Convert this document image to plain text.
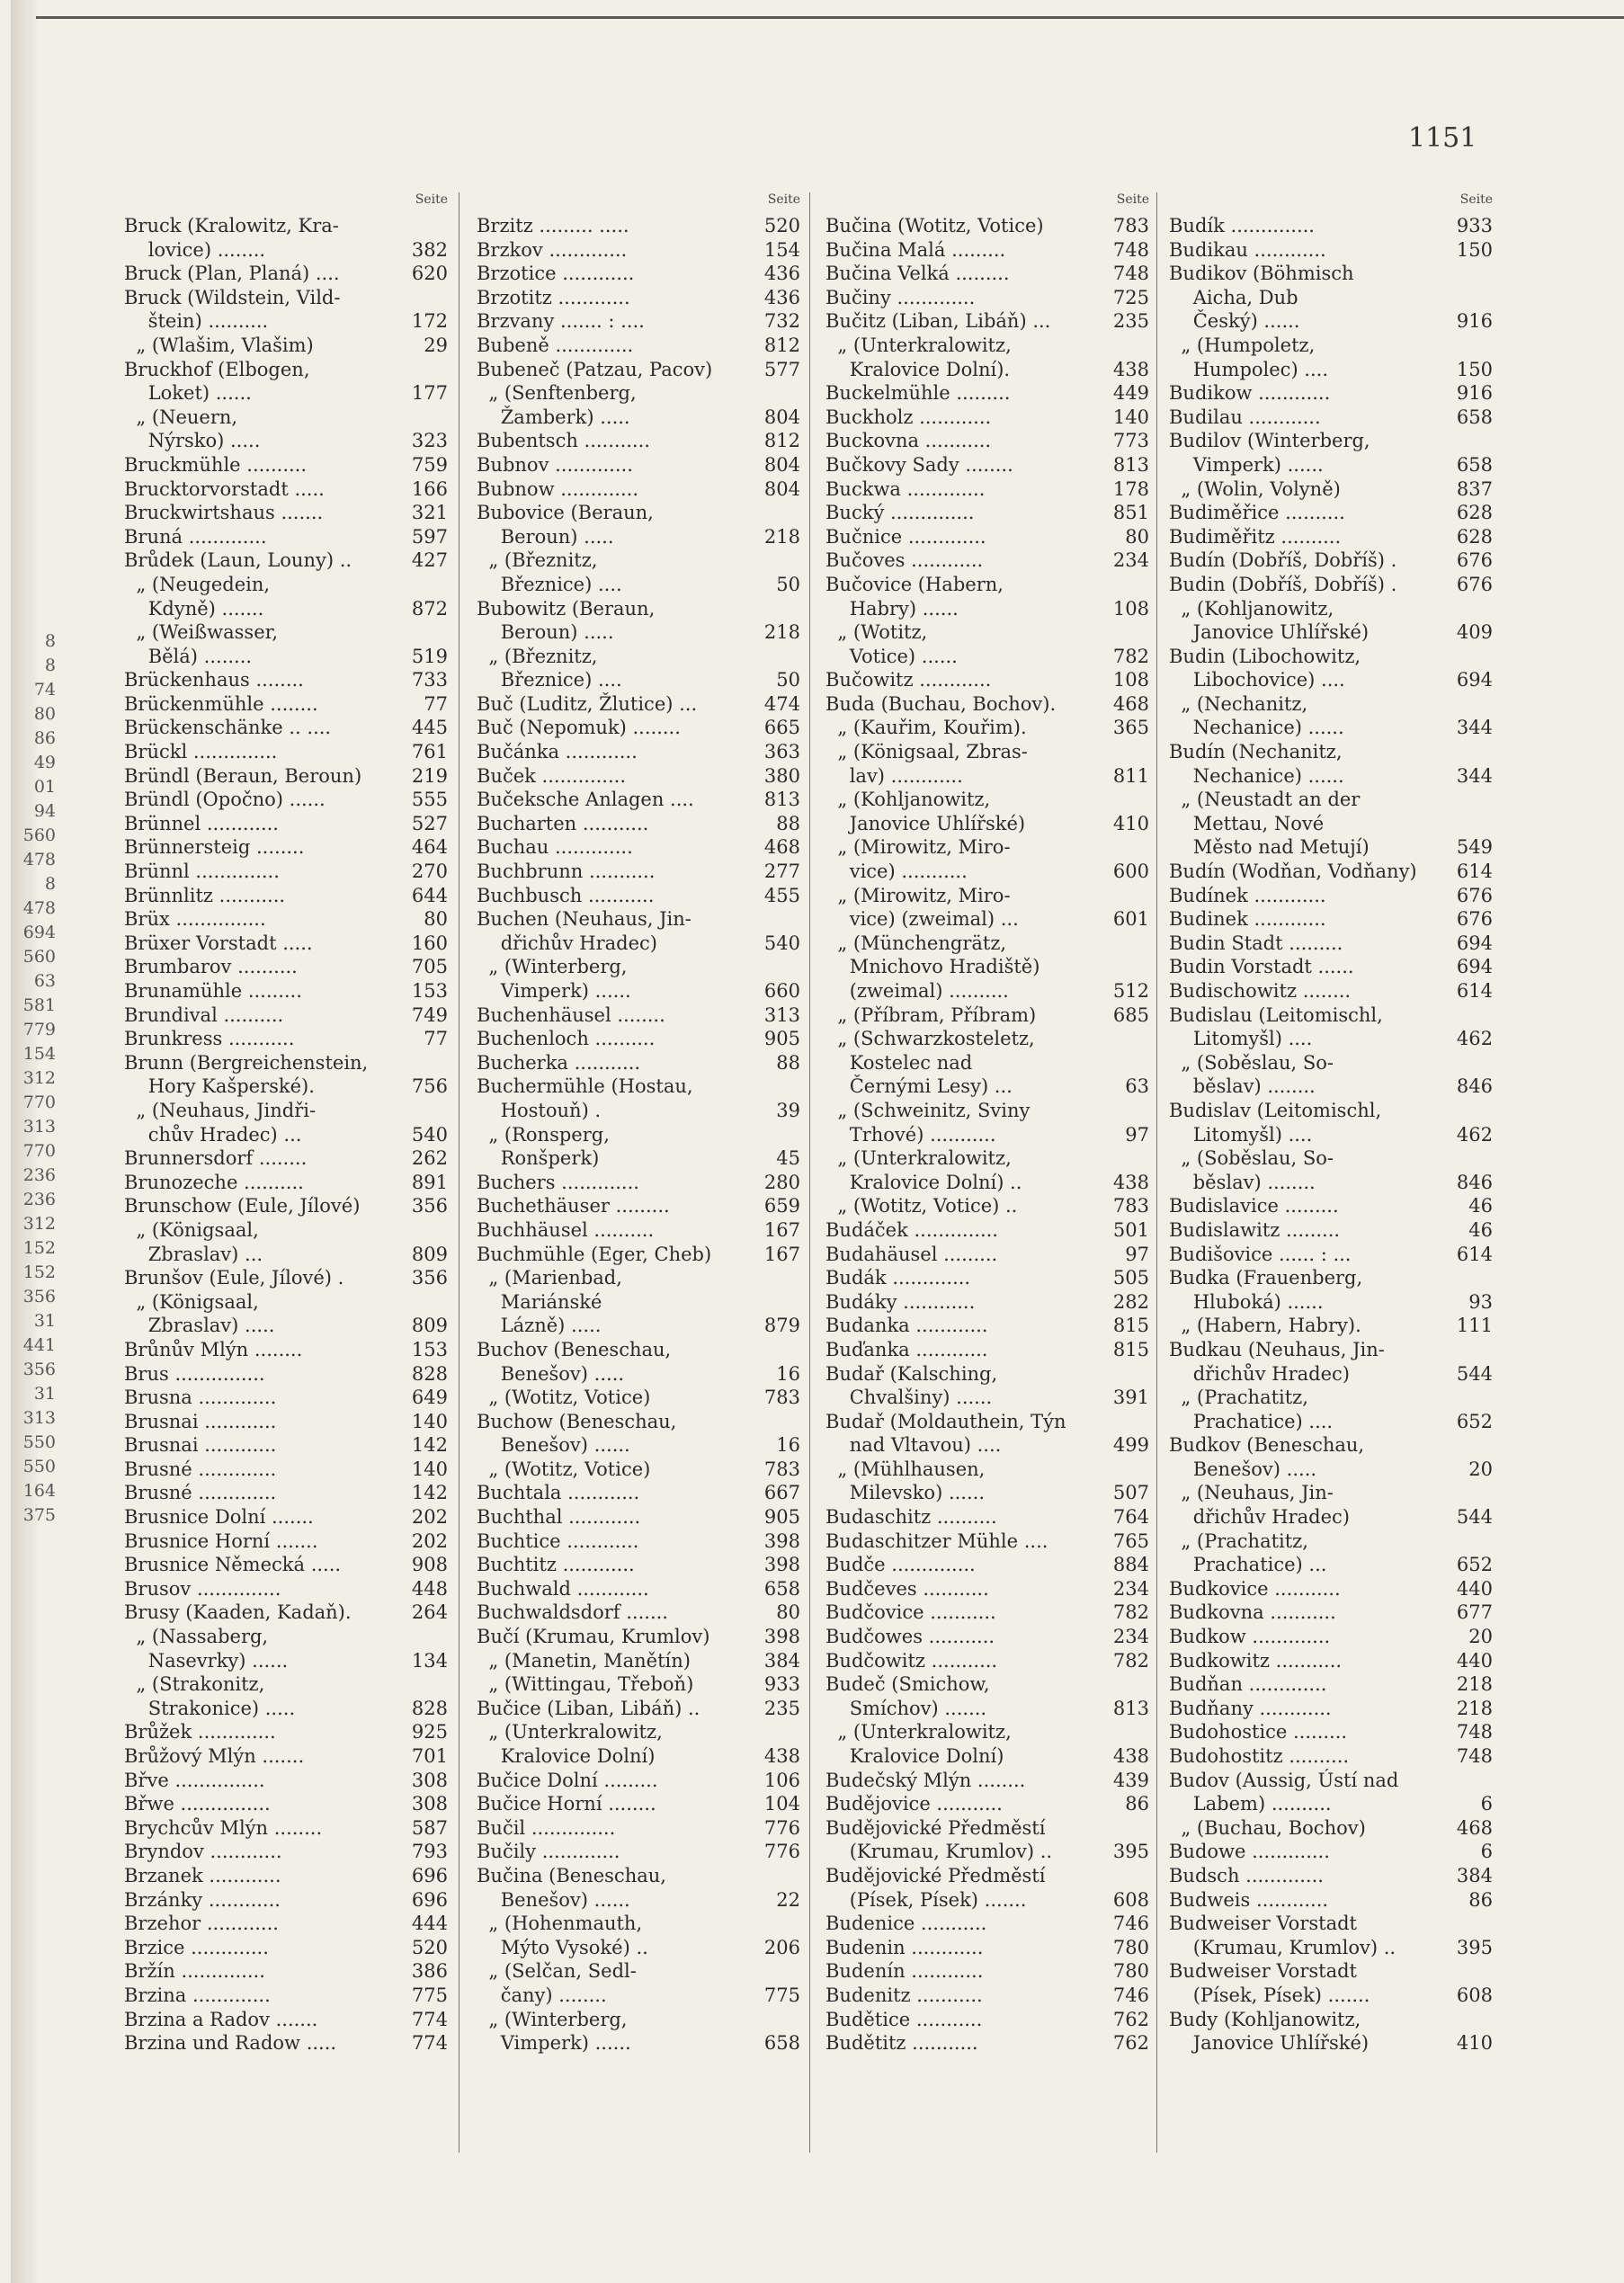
1151
8
8
74
80
86
49
01
94
560
478
8
478
694
560
63
581
779
154
312
770
313
770
236
236
312
152
152
356
31
441
356
31
313
550
550
164
375
Seite
Bruck (Kralowitz, Kra-
lovice) ........	382
Bruck (Plan, Planá) ....	620
Bruck (Wildstein, Vild-
štein) ..........	172
„ (Wlašim, Vlašim)	29
Bruckhof (Elbogen,
Loket) ......	177
„ (Neuern,
Nýrsko) .....	323
Bruckmühle ..........	759
Brucktorvorstadt .....	166
Bruckwirtshaus .......	321
Bruná .............	597
Brůdek (Laun, Louny) ..	427
„ (Neugedein,
Kdyně) .......	872
„ (Weißwasser,
Bělá) ........	519
Brückenhaus ........	733
Brückenmühle ........	77
Brückenschänke .. ....	445
Brückl ..............	761
Bründl (Beraun, Beroun)	219
Bründl (Opočno) ......	555
Brünnel ............	527
Brünnersteig ........	464
Brünnl ..............	270
Brünnlitz ...........	644
Brüx ...............	80
Brüxer Vorstadt .....	160
Brumbarov ..........	705
Brunamühle .........	153
Brundival ..........	749
Brunkress ...........	77
Brunn (Bergreichenstein,
Hory Kašperské).	756
„ (Neuhaus, Jindři-
chův Hradec) ...	540
Brunnersdorf ........	262
Brunozeche ..........	891
Brunschow (Eule, Jílové)	356
„ (Königsaal,
Zbraslav) ...	809
Brunšov (Eule, Jílové) .	356
„ (Königsaal,
Zbraslav) .....	809
Brůnův Mlýn ........	153
Brus ...............	828
Brusna .............	649
Brusnai ............	140
Brusnai ............	142
Brusné .............	140
Brusné .............	142
Brusnice Dolní .......	202
Brusnice Horní .......	202
Brusnice Německá .....	908
Brusov ..............	448
Brusy (Kaaden, Kadaň).	264
„ (Nassaberg,
Nasevrky) ......	134
„ (Strakonitz,
Strakonice) .....	828
Brůžek .............	925
Brůžový Mlýn .......	701
Břve ...............	308
Břwe ...............	308
Brychcův Mlýn ........	587
Bryndov ............	793
Brzanek ............	696
Brzánky ............	696
Brzehor ............	444
Brzice .............	520
Bržín ..............	386
Brzina .............	775
Brzina a Radov .......	774
Brzina und Radow .....	774
Seite
Brzitz ......... .....	520
Brzkov .............	154
Brzotice ............	436
Brzotitz ............	436
Brzvany ....... : ....	732
Bubeně .............	812
Bubeneč (Patzau, Pacov)	577
„ (Senftenberg,
Žamberk) .....	804
Bubentsch ...........	812
Bubnov .............	804
Bubnow .............	804
Bubovice (Beraun,
Beroun) .....	218
„ (Březnitz,
Březnice) ....	50
Bubowitz (Beraun,
Beroun) .....	218
„ (Březnitz,
Březnice) ....	50
Buč (Luditz, Žlutice) ...	474
Buč (Nepomuk) ........	665
Bučánka ............	363
Buček ..............	380
Bučeksche Anlagen ....	813
Bucharten ...........	88
Buchau .............	468
Buchbrunn ...........	277
Buchbusch ...........	455
Buchen (Neuhaus, Jin-
dřichův Hradec)	540
„ (Winterberg,
Vimperk) ......	660
Buchenhäusel ........	313
Buchenloch ..........	905
Bucherka ...........	88
Buchermühle (Hostau,
Hostouň) .	39
„ (Ronsperg,
Ronšperk)	45
Buchers .............	280
Buchethäuser .........	659
Buchhäusel ..........	167
Buchmühle (Eger, Cheb)	167
„ (Marienbad,
Mariánské
Lázně) .....	879
Buchov (Beneschau,
Benešov) .....	16
„ (Wotitz, Votice)	783
Buchow (Beneschau,
Benešov) ......	16
„ (Wotitz, Votice)	783
Buchtala ............	667
Buchthal ............	905
Buchtice ............	398
Buchtitz ............	398
Buchwald ............	658
Buchwaldsdorf .......	80
Bučí (Krumau, Krumlov)	398
„ (Manetin, Manětín)	384
„ (Wittingau, Třeboň)	933
Bučice (Liban, Libáň) ..	235
„ (Unterkralowitz,
Kralovice Dolní)	438
Bučice Dolní .........	106
Bučice Horní ........	104
Bučil ..............	776
Bučily .............	776
Bučina (Beneschau,
Benešov) ......	22
„ (Hohenmauth,
Mýto Vysoké) ..	206
„ (Selčan, Sedl-
čany) ........	775
„ (Winterberg,
Vimperk) ......	658
Seite
Bučina (Wotitz, Votice)	783
Bučina Malá .........	748
Bučina Velká .........	748
Bučiny .............	725
Bučitz (Liban, Libáň) ...	235
„ (Unterkralowitz,
Kralovice Dolní).	438
Buckelmühle .........	449
Buckholz ............	140
Buckovna ...........	773
Bučkovy Sady ........	813
Buckwa .............	178
Bucký ..............	851
Bučnice .............	80
Bučoves ............	234
Bučovice (Habern,
Habry) ......	108
„ (Wotitz,
Votice) ......	782
Bučowitz ............	108
Buda (Buchau, Bochov).	468
„ (Kauřim, Kouřim).	365
„ (Königsaal, Zbras-
lav) ............	811
„ (Kohljanowitz,
Janovice Uhlířské)	410
„ (Mirowitz, Miro-
vice) ...........	600
„ (Mirowitz, Miro-
vice) (zweimal) ...	601
„ (Münchengrätz,
Mnichovo Hradiště)
(zweimal) ..........	512
„ (Příbram, Příbram)	685
„ (Schwarzkosteletz,
Kostelec nad
Černými Lesy) ...	63
„ (Schweinitz, Sviny
Trhové) ...........	97
„ (Unterkralowitz,
Kralovice Dolní) ..	438
„ (Wotitz, Votice) ..	783
Budáček ..............	501
Budahäusel .........	97
Budák .............	505
Budáky ............	282
Budanka ............	815
Buďanka ............	815
Budař (Kalsching,
Chvalšiny) ......	391
Budař (Moldauthein, Týn
nad Vltavou) ....	499
„ (Mühlhausen,
Milevsko) ......	507
Budaschitz ..........	764
Budaschitzer Mühle ....	765
Budče ..............	884
Budčeves ...........	234
Budčovice ...........	782
Budčowes ...........	234
Budčowitz ...........	782
Budeč (Smichow,
Smíchov) .......	813
„ (Unterkralowitz,
Kralovice Dolní)	438
Budečský Mlýn ........	439
Budějovice ...........	86
Budějovické Předměstí
(Krumau, Krumlov) ..	395
Budějovické Předměstí
(Písek, Písek) .......	608
Budenice ...........	746
Budenin ............	780
Budenín ............	780
Budenitz ...........	746
Budětice ...........	762
Budětitz ...........	762
Seite
Budík ..............	933
Budikau ............	150
Budikov (Böhmisch
Aicha, Dub
Český) ......	916
„ (Humpoletz,
Humpolec) ....	150
Budikow ............	916
Budilau ............	658
Budilov (Winterberg,
Vimperk) ......	658
„ (Wolin, Volyně)	837
Budiměřice ..........	628
Budiměřitz ..........	628
Budín (Dobříš, Dobříš) .	676
Budin (Dobříš, Dobříš) .	676
„ (Kohljanowitz,
Janovice Uhlířské)	409
Budin (Libochowitz,
Libochovice) ....	694
„ (Nechanitz,
Nechanice) ......	344
Budín (Nechanitz,
Nechanice) ......	344
„ (Neustadt an der
Mettau, Nové
Město nad Metují)	549
Budín (Wodňan, Vodňany)	614
Budínek ............	676
Budinek ............	676
Budin Stadt .........	694
Budin Vorstadt ......	694
Budischowitz ........	614
Budislau (Leitomischl,
Litomyšl) ....	462
„ (Soběslau, So-
běslav) ........	846
Budislav (Leitomischl,
Litomyšl) ....	462
„ (Soběslau, So-
běslav) ........	846
Budislavice .........	46
Budislawitz .........	46
Budišovice ...... : ...	614
Budka (Frauenberg,
Hluboká) ......	93
„ (Habern, Habry).	111
Budkau (Neuhaus, Jin-
dřichův Hradec)	544
„ (Prachatitz,
Prachatice) ....	652
Budkov (Beneschau,
Benešov) .....	20
„ (Neuhaus, Jin-
dřichův Hradec)	544
„ (Prachatitz,
Prachatice) ...	652
Budkovice ...........	440
Budkovna ...........	677
Budkow .............	20
Budkowitz ...........	440
Budňan .............	218
Budňany ............	218
Budohostice .........	748
Budohostitz ..........	748
Budov (Aussig, Ústí nad
Labem) ..........	6
„ (Buchau, Bochov)	468
Budowe .............	6
Budsch .............	384
Budweis ............	86
Budweiser Vorstadt
(Krumau, Krumlov) ..	395
Budweiser Vorstadt
(Písek, Písek) .......	608
Budy (Kohljanowitz,
Janovice Uhlířské)	410
